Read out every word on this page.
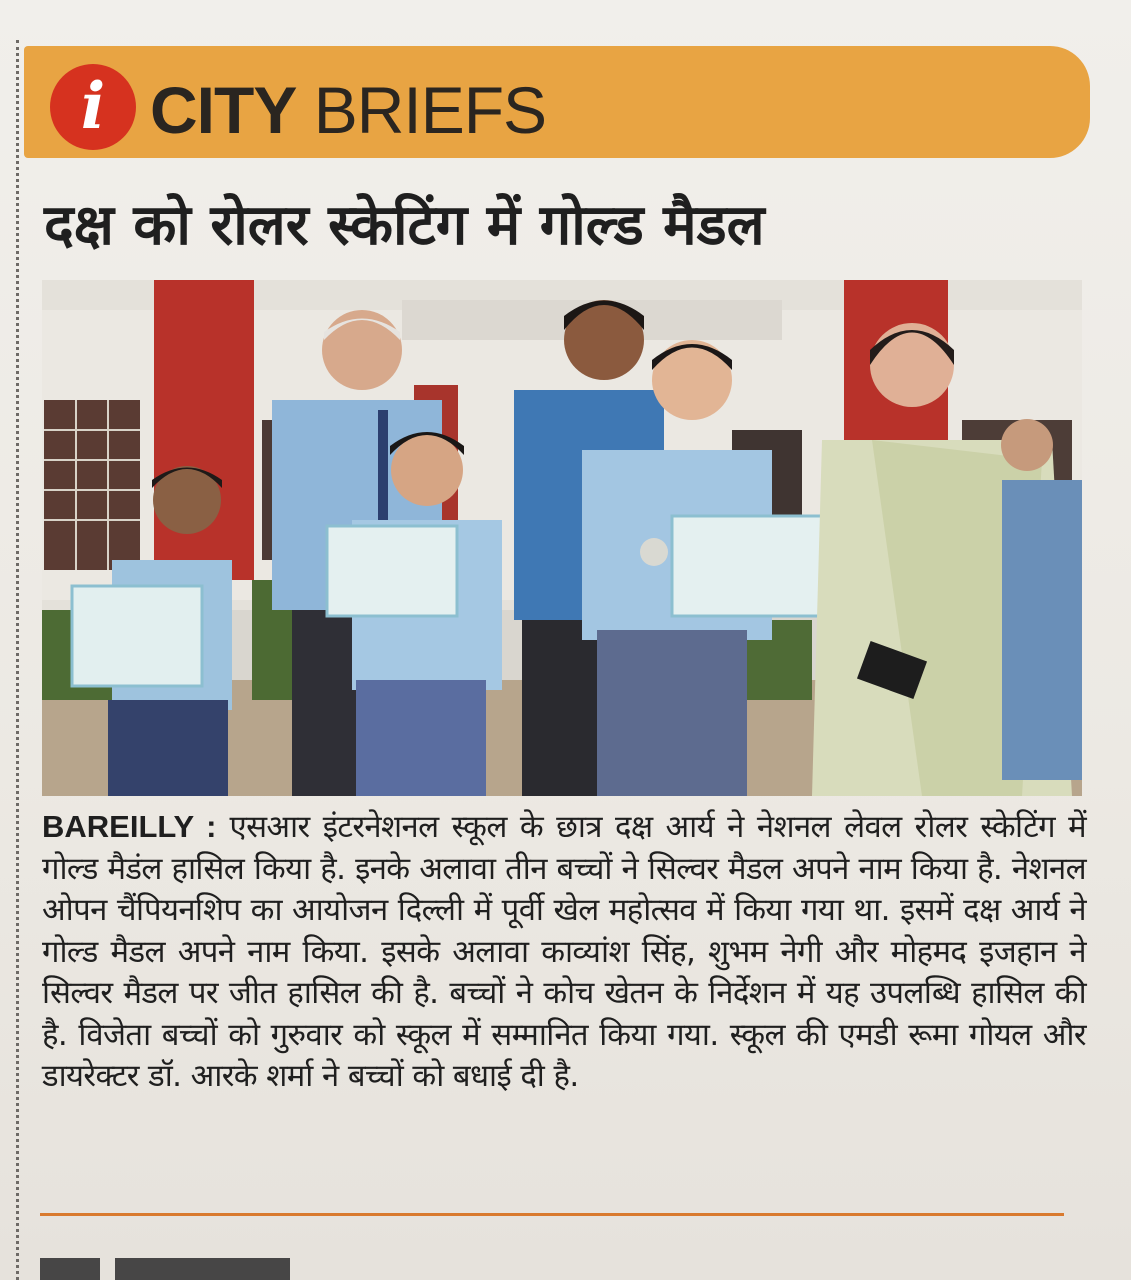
i CITY BRIEFS
दक्ष को रोलर स्केटिंग में गोल्ड मैडल
BAREILLY : एसआर इंटरनेशनल स्कूल के छात्र दक्ष आर्य ने नेशनल लेवल रोलर स्केटिंग में गोल्ड मैडंल हासिल किया है. इनके अलावा तीन बच्चों ने सिल्वर मैडल अपने नाम किया है. नेशनल ओपन चैंपियनशिप का आयोजन दिल्ली में पूर्वी खेल महोत्सव में किया गया था. इसमें दक्ष आर्य ने गोल्ड मैडल अपने नाम किया. इसके अलावा काव्यांश सिंह, शुभम नेगी और मोहमद इजहान ने सिल्वर मैडल पर जीत हासिल की है. बच्चों ने कोच खेतन के निर्देशन में यह उपलब्धि हासिल की है. विजेता बच्चों को गुरुवार को स्कूल में सम्मानित किया गया. स्कूल की एमडी रूमा गोयल और डायरेक्टर डॉ. आरके शर्मा ने बच्चों को बधाई दी है.
